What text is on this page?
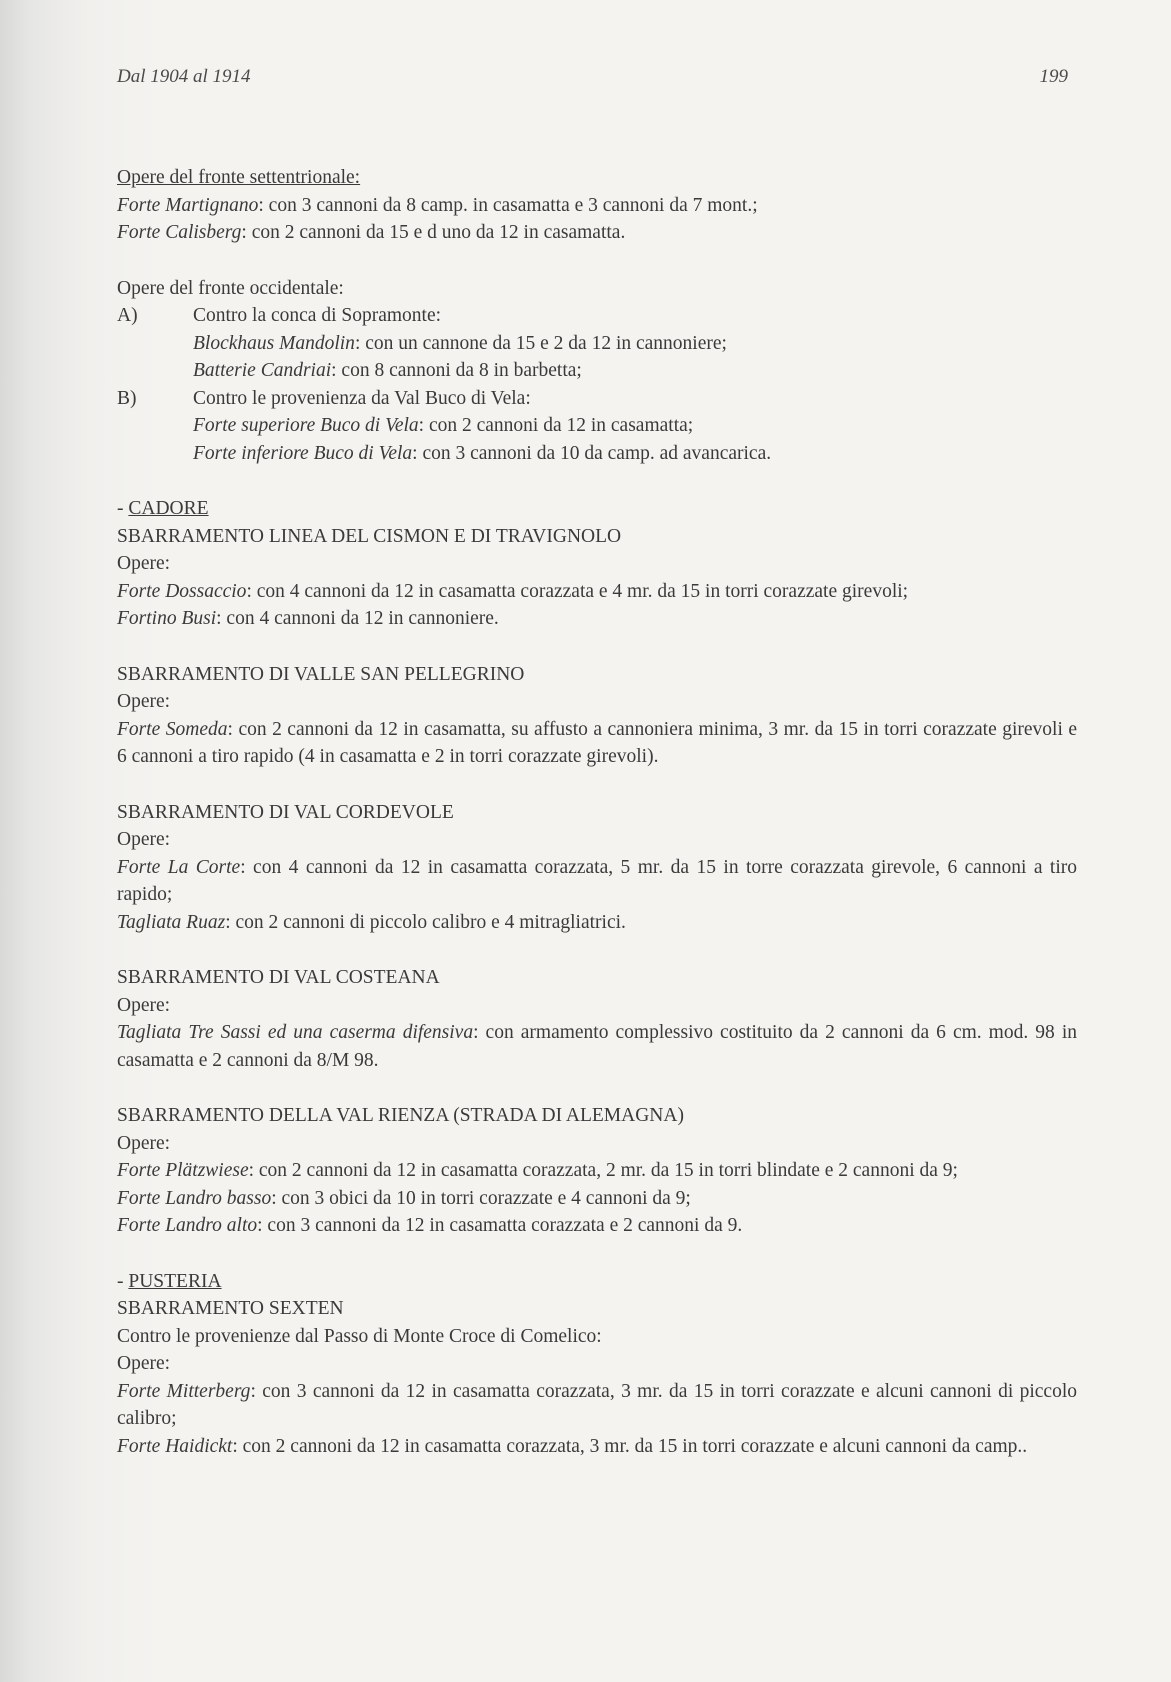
Dal 1904 al 1914	199
Opere del fronte settentrionale:
Forte Martignano: con 3 cannoni da 8 camp. in casamatta e 3 cannoni da 7 mont.;
Forte Calisberg: con 2 cannoni da 15 e d uno da 12 in casamatta.
Opere del fronte occidentale:
A)	Contro la conca di Sopramonte:
Blockhaus Mandolin: con un cannone da 15 e 2 da 12 in cannoniere;
Batterie Candriai: con 8 cannoni da 8 in barbetta;
B)	Contro le provenienza da Val Buco di Vela:
Forte superiore Buco di Vela: con 2 cannoni da 12 in casamatta;
Forte inferiore Buco di Vela: con 3 cannoni da 10 da camp. ad avancarica.
- CADORE
SBARRAMENTO LINEA DEL CISMON E DI TRAVIGNOLO
Opere:
Forte Dossaccio: con 4 cannoni da 12 in casamatta corazzata e 4 mr. da 15 in torri corazzate girevoli;
Fortino Busi: con 4 cannoni da 12 in cannoniere.
SBARRAMENTO DI VALLE SAN PELLEGRINO
Opere:
Forte Someda: con 2 cannoni da 12 in casamatta, su affusto a cannoniera minima, 3 mr. da 15 in torri corazzate girevoli e 6 cannoni a tiro rapido (4 in casamatta e 2 in torri corazzate girevoli).
SBARRAMENTO DI VAL CORDEVOLE
Opere:
Forte La Corte: con 4 cannoni da 12 in casamatta corazzata, 5 mr. da 15 in torre corazzata girevole, 6 cannoni a tiro rapido;
Tagliata Ruaz: con 2 cannoni di piccolo calibro e 4 mitragliatrici.
SBARRAMENTO DI VAL COSTEANA
Opere:
Tagliata Tre Sassi ed una caserma difensiva: con armamento complessivo costituito da 2 cannoni da 6 cm. mod. 98 in casamatta e 2 cannoni da 8/M 98.
SBARRAMENTO DELLA VAL RIENZA (STRADA DI ALEMAGNA)
Opere:
Forte Plätzwiese: con 2 cannoni da 12 in casamatta corazzata, 2 mr. da 15 in torri blindate e 2 cannoni da 9;
Forte Landro basso: con 3 obici da 10 in torri corazzate e 4 cannoni da 9;
Forte Landro alto: con 3 cannoni da 12 in casamatta corazzata e 2 cannoni da 9.
- PUSTERIA
SBARRAMENTO SEXTEN
Contro le provenienze dal Passo di Monte Croce di Comelico:
Opere:
Forte Mitterberg: con 3 cannoni da 12 in casamatta corazzata, 3 mr. da 15 in torri corazzate e alcuni cannoni di piccolo calibro;
Forte Haidickt: con 2 cannoni da 12 in casamatta corazzata, 3 mr. da 15 in torri corazzate e alcuni cannoni da camp..
